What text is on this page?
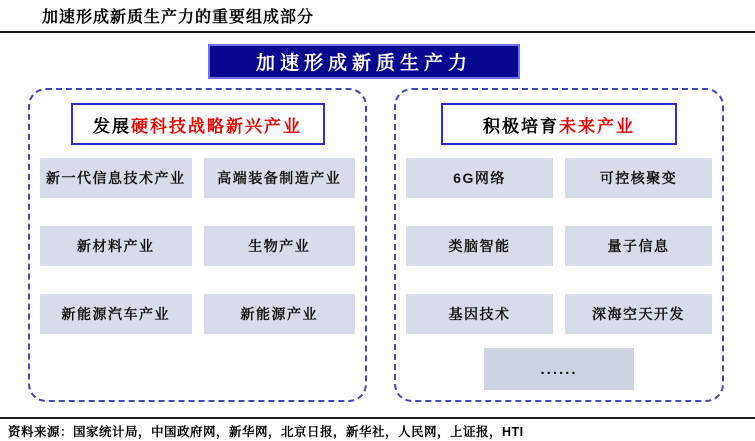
加速形成新质生产力的重要组成部分
加速形成新质生产力
发展 硬科技战略新兴产业
新一代信息技术产业	高端装备制造产业
新材料产业	生物产业
新能源汽车产业	新能源产业
积极培育 未来产业
6G网络	可控核聚变
类脑智能	量子信息
基因技术	深海空天开发
......
资料来源：国家统计局，中国政府网，新华网，北京日报，新华社，人民网，上证报，HTI
